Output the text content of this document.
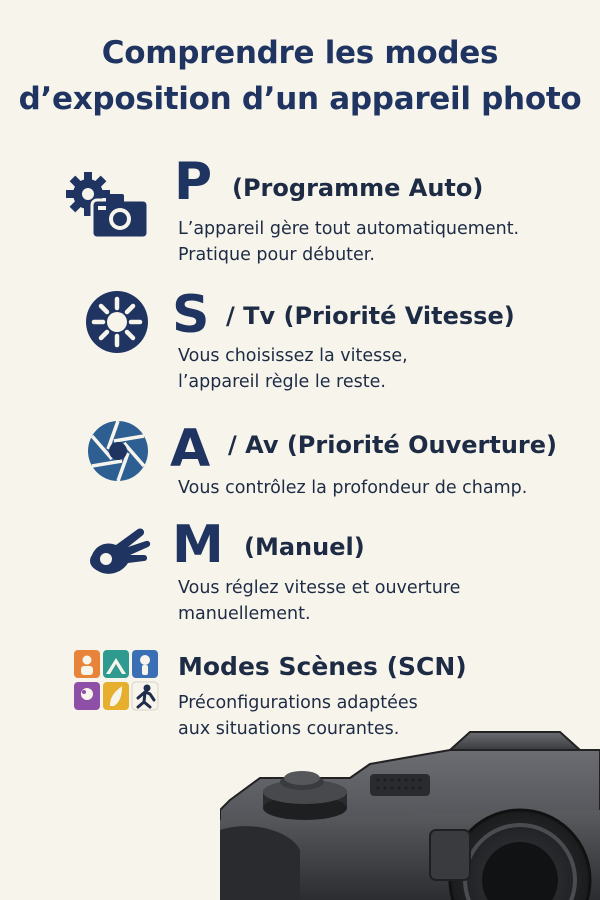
Comprendre les modes
d’exposition d’un appareil photo
P (Programme Auto)
L’appareil gère tout automatiquement.
Pratique pour débuter.
S / Tv (Priorité Vitesse)
Vous choisissez la vitesse,
l’appareil règle le reste.
A / Av (Priorité Ouverture)
Vous contrôlez la profondeur de champ.
M (Manuel)
Vous réglez vitesse et ouverture
manuellement.
Modes Scènes (SCN)
Préconfigurations adaptées
aux situations courantes.
